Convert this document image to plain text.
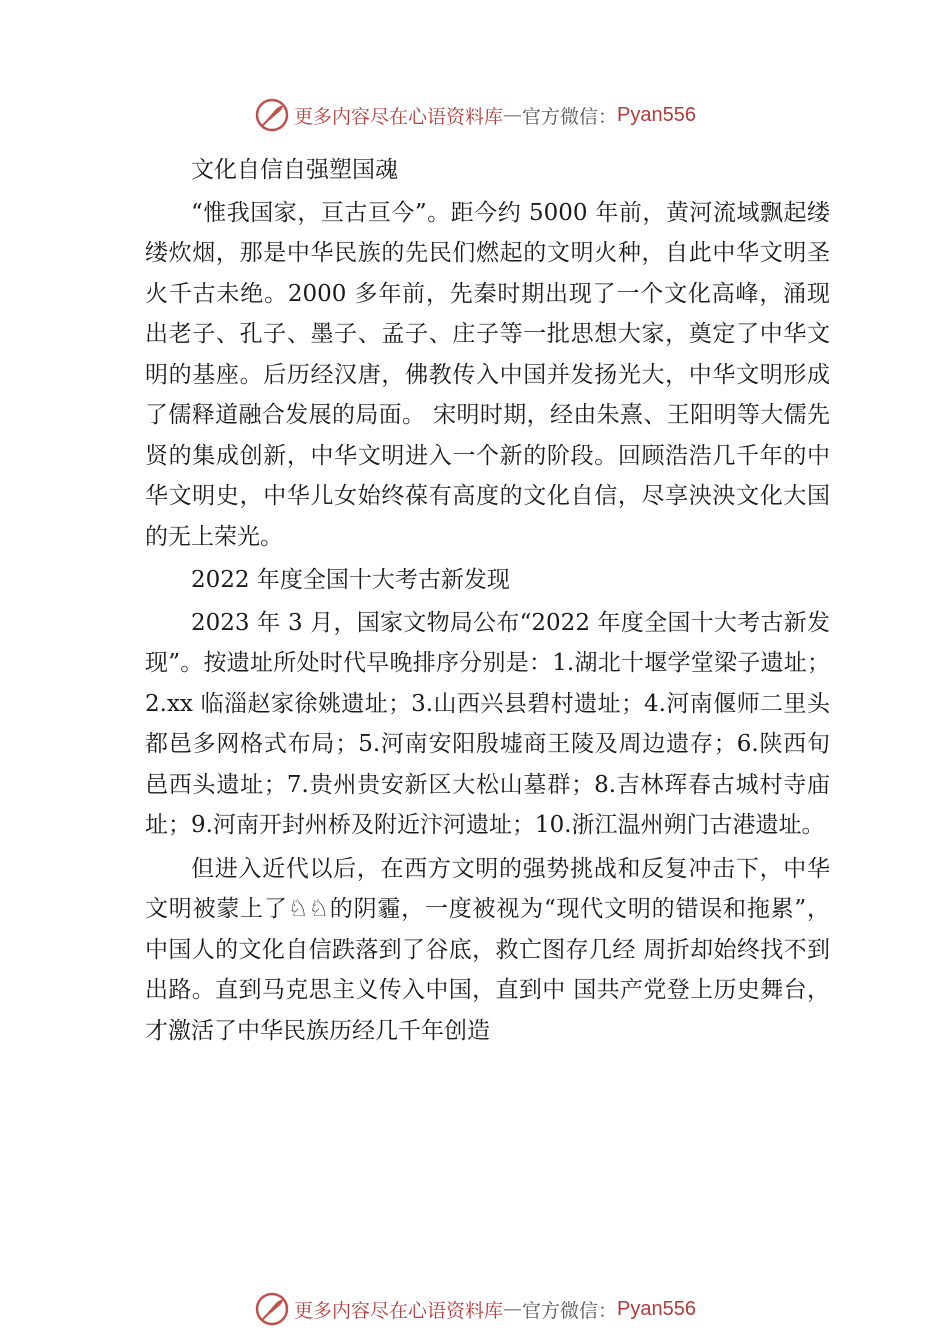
更多内容尽在心语资料库 — 官方微信： Pyan556
文化自信自强塑国魂
“惟我国家，亘古亘今”。距今约 5000 年前，黄河流域飘起缕缕炊烟，那是中华民族的先民们燃起的文明火种，自此中华文明圣火千古未绝。2000 多年前，先秦时期出现了一个文化高峰，涌现出老子、孔子、墨子、孟子、庄子等一批思想大家，奠定了中华文明的基座。后历经汉唐，佛教传入中国并发扬光大，中华文明形成了儒释道融合发展的局面。 宋明时期，经由朱熹、王阳明等大儒先贤的集成创新，中华文明进入一个新的阶段。回顾浩浩几千年的中华文明史，中华儿女始终葆有高度的文化自信，尽享泱泱文化大国的无上荣光。
2022 年度全国十大考古新发现
2023 年 3 月，国家文物局公布“2022 年度全国十大考古新发现”。按遗址所处时代早晚排序分别是：1.湖北十堰学堂梁子遗址；2.xx 临淄赵家徐姚遗址；3.山西兴县碧村遗址；4.河南偃师二里头都邑多网格式布局；5.河南安阳殷墟商王陵及周边遗存；6.陕西旬邑西头遗址；7.贵州贵安新区大松山墓群；8.吉林珲春古城村寺庙址；9.河南开封州桥及附近汴河遗址；10.浙江温州朔门古港遗址。
但进入近代以后，在西方文明的强势挑战和反复冲击下，中华文明被蒙上了♘♘的阴霾，一度被视为“现代文明的错误和拖累”，中国人的文化自信跌落到了谷底，救亡图存几经 周折却始终找不到出路。直到马克思主义传入中国，直到中 国共产党登上历史舞台，才激活了中华民族历经几千年创造
更多内容尽在心语资料库 — 官方微信： Pyan556
